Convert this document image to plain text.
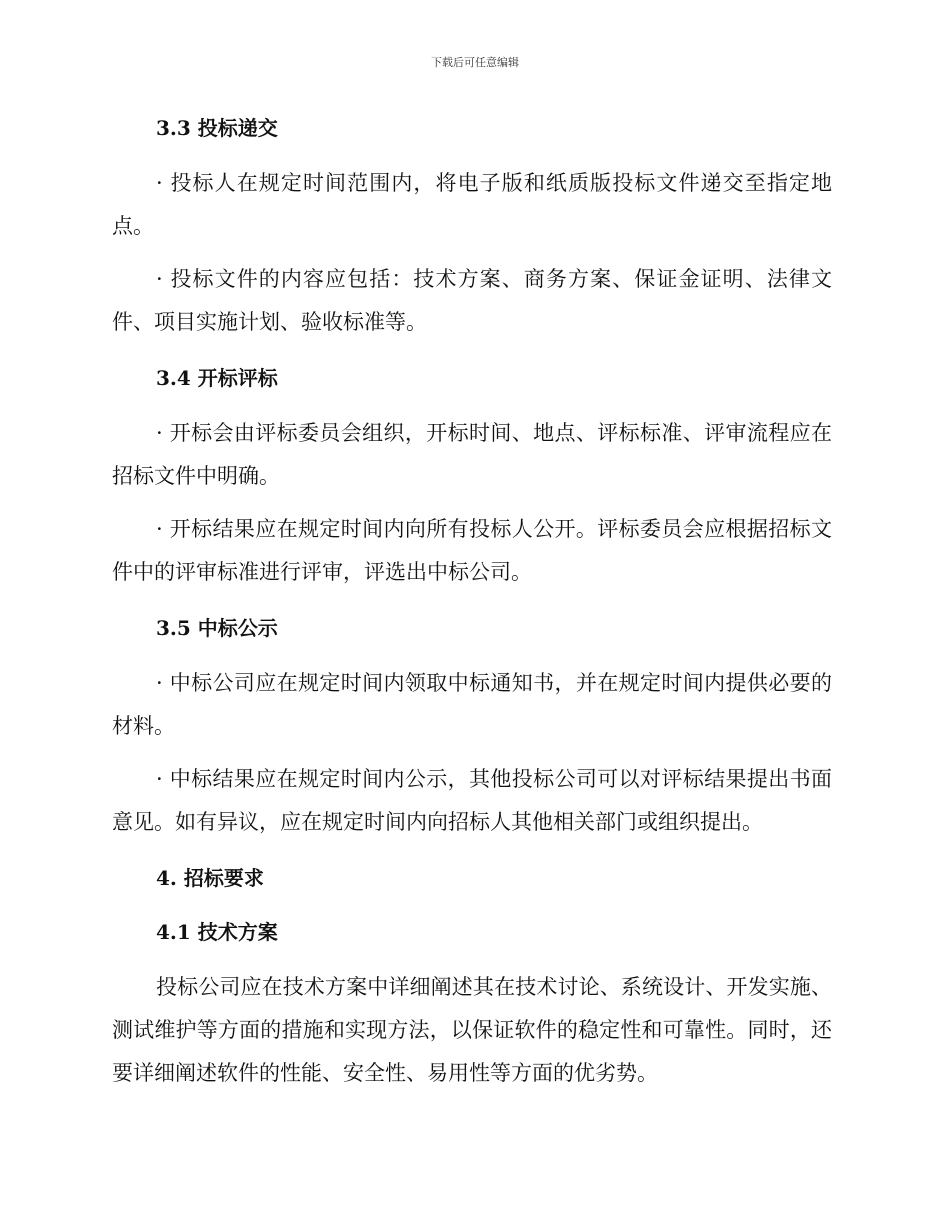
下载后可任意编辑
3.3 投标递交

· 投标人在规定时间范围内，将电子版和纸质版投标文件递交至指定地点。

· 投标文件的内容应包括：技术方案、商务方案、保证金证明、法律文件、项目实施计划、验收标准等。

3.4 开标评标

· 开标会由评标委员会组织，开标时间、地点、评标标准、评审流程应在招标文件中明确。

· 开标结果应在规定时间内向所有投标人公开。评标委员会应根据招标文件中的评审标准进行评审，评选出中标公司。

3.5 中标公示

· 中标公司应在规定时间内领取中标通知书，并在规定时间内提供必要的材料。

· 中标结果应在规定时间内公示，其他投标公司可以对评标结果提出书面意见。如有异议，应在规定时间内向招标人其他相关部门或组织提出。

4. 招标要求
4.1 技术方案

投标公司应在技术方案中详细阐述其在技术讨论、系统设计、开发实施、测试维护等方面的措施和实现方法，以保证软件的稳定性和可靠性。同时，还要详细阐述软件的性能、安全性、易用性等方面的优劣势。
